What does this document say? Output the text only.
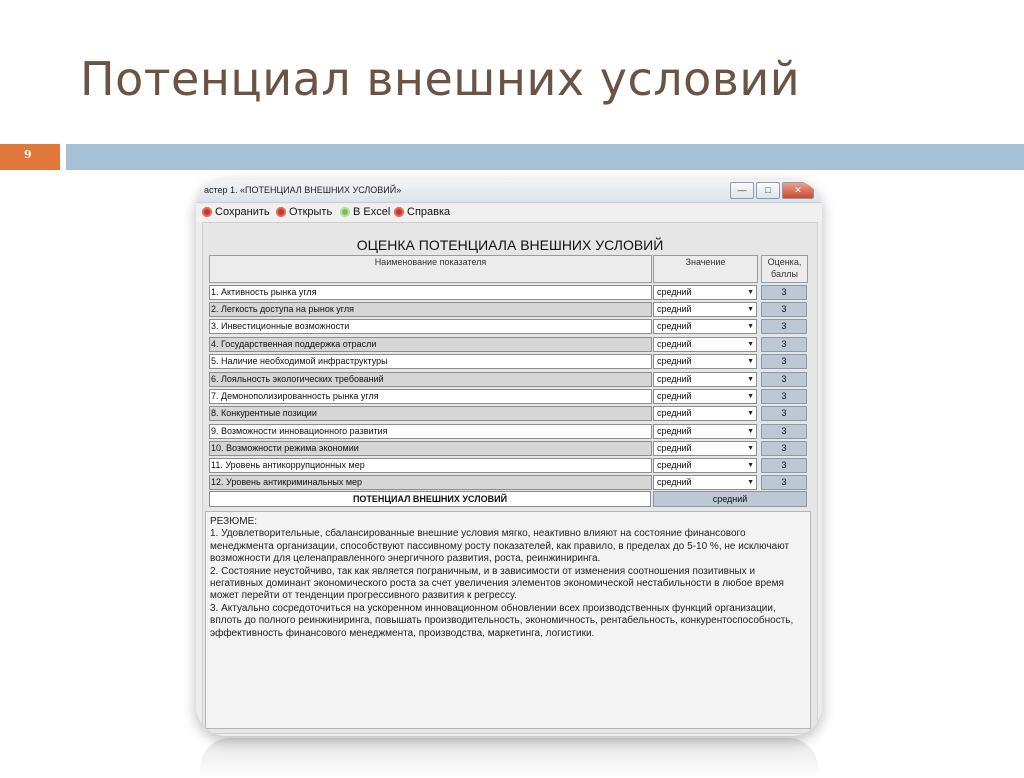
Потенциал внешних условий
9
астер 1. «ПОТЕНЦИАЛ ВНЕШНИХ УСЛОВИЙ»	—	□	✕
Сохранить Открыть В Excel Справка
ОЦЕНКА ПОТЕНЦИАЛА ВНЕШНИХ УСЛОВИЙ
Наименование показателя	Значение	Оценка, баллы
1. Активность рынка угля	средний	▼	3
2. Легкость доступа на рынок угля	средний	▼	3
3. Инвестиционные возможности	средний	▼	3
4. Государственная поддержка отрасли	средний	▼	3
5. Наличие необходимой инфраструктуры	средний	▼	3
6. Лояльность экологических требований	средний	▼	3
7. Демонополизированность рынка угля	средний	▼	3
8. Конкурентные позиции	средний	▼	3
9. Возможности инновационного развития	средний	▼	3
10. Возможности режима экономии	средний	▼	3
11. Уровень антикоррупционных мер	средний	▼	3
12. Уровень антикриминальных мер	средний	▼	3
ПОТЕНЦИАЛ ВНЕШНИХ УСЛОВИЙ	средний

РЕЗЮМЕ:

1. Удовлетворительные, сбалансированные внешние условия мягко, неактивно влияют на состояние финансового менеджмента организации, способствуют пассивному росту показателей, как правило, в пределах до 5-10 %, не исключают возможности для целенаправленного энергичного развития, роста, реинжиниринга.

2. Состояние неустойчиво, так как является пограничным, и в зависимости от изменения соотношения позитивных и негативных доминант экономического роста за счет увеличения элементов экономической нестабильности в любое время может перейти от тенденции прогрессивного развития к регрессу.

3. Актуально сосредоточиться на ускоренном инновационном обновлении всех производственных функций организации, вплоть до полного реинжиниринга, повышать производительность, экономичность, рентабельность, конкурентоспособность, эффективность финансового менеджмента, производства, маркетинга, логистики.
